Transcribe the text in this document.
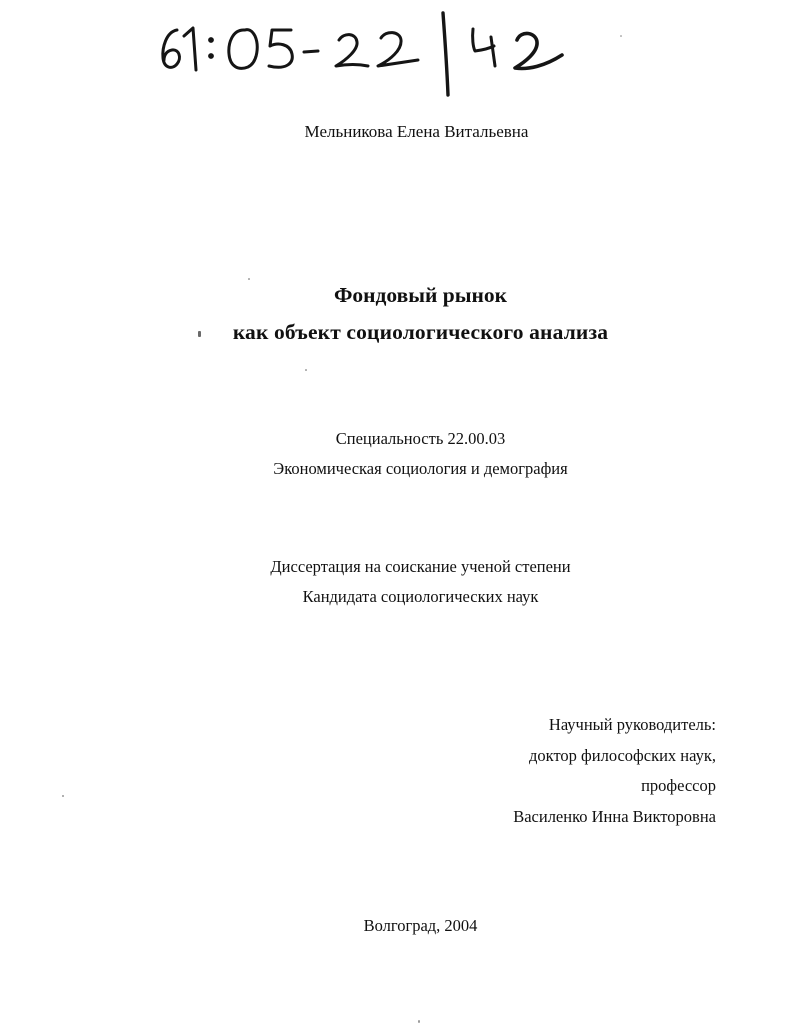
Мельникова Елена Витальевна
Фондовый рынок
как объект социологического анализа
Специальность 22.00.03
Экономическая социология и демография
Диссертация на соискание ученой степени
Кандидата социологических наук
Научный руководитель:
доктор философских наук,
профессор
Василенко Инна Викторовна
Волгоград, 2004
